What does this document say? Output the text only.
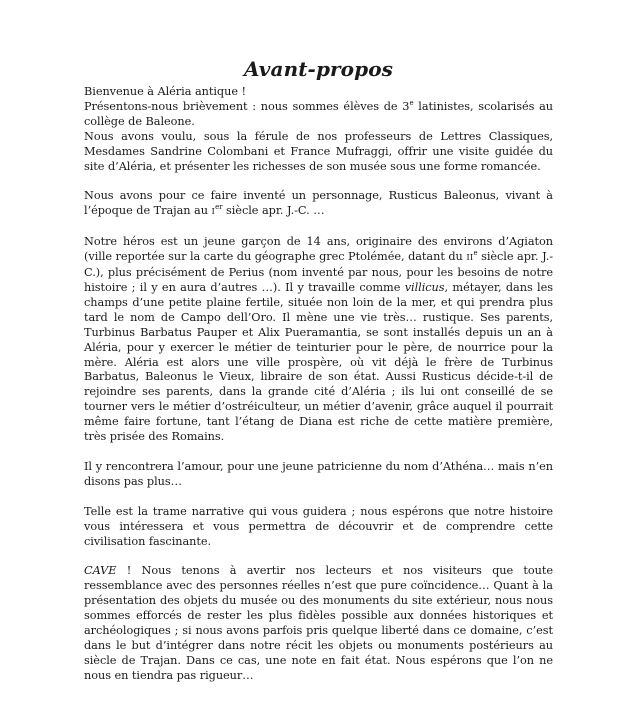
Avant-propos
Bienvenue à Aléria antique !
Présentons-nous brièvement : nous sommes élèves de 3e latinistes, scolarisés au collège de Baleone.
Nous avons voulu, sous la férule de nos professeurs de Lettres Classiques, Mesdames Sandrine Colombani et France Mufraggi, offrir une visite guidée du site d’Aléria, et présenter les richesses de son musée sous une forme romancée.

Nous avons pour ce faire inventé un personnage, Rusticus Baleonus, vivant à l’époque de Trajan au Ier siècle apr. J.-C. …

Notre héros est un jeune garçon de 14 ans, originaire des environs d’Agiaton (ville reportée sur la carte du géographe grec Ptolémée, datant du IIe siècle apr. J.-C.), plus précisément de Perius (nom inventé par nous, pour les besoins de notre histoire ; il y en aura d’autres …). Il y travaille comme villicus, métayer, dans les champs d’une petite plaine fertile, située non loin de la mer, et qui prendra plus tard le nom de Campo dell’Oro. Il mène une vie très… rustique. Ses parents, Turbinus Barbatus Pauper et Alix Pueramantia, se sont installés depuis un an à Aléria, pour y exercer le métier de teinturier pour le père, de nourrice pour la mère. Aléria est alors une ville prospère, où vit déjà le frère de Turbinus Barbatus, Baleonus le Vieux, libraire de son état. Aussi Rusticus décide-t-il de rejoindre ses parents, dans la grande cité d’Aléria ; ils lui ont conseillé de se tourner vers le métier d’ostréiculteur, un métier d’avenir, grâce auquel il pourrait même faire fortune, tant l’étang de Diana est riche de cette matière première, très prisée des Romains.

Il y rencontrera l’amour, pour une jeune patricienne du nom d’Athéna… mais n’en disons pas plus…

Telle est la trame narrative qui vous guidera ; nous espérons que notre histoire vous intéressera et vous permettra de découvrir et de comprendre cette civilisation fascinante.

CAVE ! Nous tenons à avertir nos lecteurs et nos visiteurs que toute ressemblance avec des personnes réelles n’est que pure coïncidence… Quant à la présentation des objets du musée ou des monuments du site extérieur, nous nous sommes efforcés de rester les plus fidèles possible aux données historiques et archéologiques ; si nous avons parfois pris quelque liberté dans ce domaine, c’est dans le but d’intégrer dans notre récit les objets ou monuments postérieurs au siècle de Trajan. Dans ce cas, une note en fait état. Nous espérons que l’on ne nous en tiendra pas rigueur…
